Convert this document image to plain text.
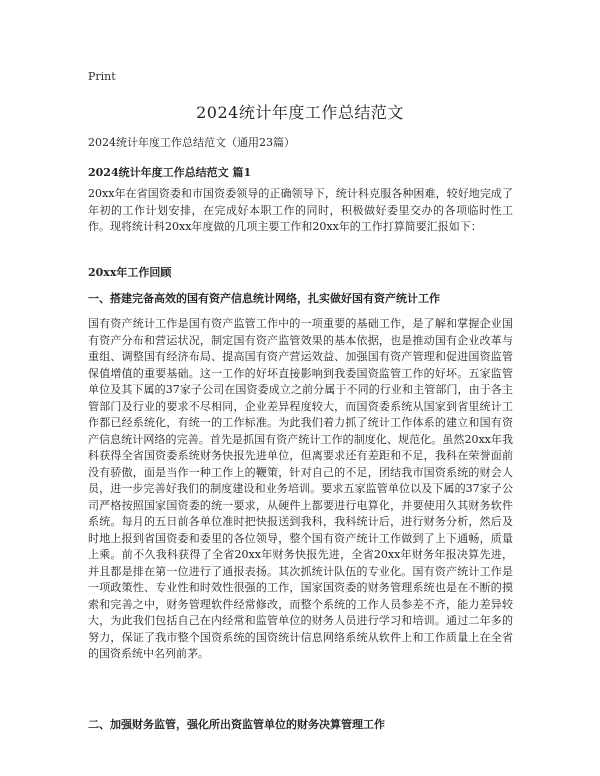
Print
2024统计年度工作总结范文
2024统计年度工作总结范文（通用23篇）
2024统计年度工作总结范文 篇1

20xx年在省国资委和市国资委领导的正确领导下，统计科克服各种困难，较好地完成了年初的工作计划安排，在完成好本职工作的同时，积极做好委里交办的各项临时性工作。现将统计科20xx年度做的几项主要工作和20xx年的工作打算简要汇报如下：

20xx年工作回顾
一、搭建完备高效的国有资产信息统计网络，扎实做好国有资产统计工作

国有资产统计工作是国有资产监管工作中的一项重要的基础工作，是了解和掌握企业国有资产分布和营运状况，制定国有资产监管效果的基本依据，也是推动国有企业改革与重组、调整国有经济布局、提高国有资产营运效益、加强国有资产管理和促进国资监管保值增值的重要基础。这一工作的好坏直接影响到我委国资监管工作的好坏。五家监管单位及其下属的37家子公司在国资委成立之前分属于不同的行业和主管部门，由于各主管部门及行业的要求不尽相同，企业差异程度较大，而国资委系统从国家到省里统计工作都已经系统化，有统一的工作标准。为此我们着力抓了统计工作体系的建立和国有资产信息统计网络的完善。首先是抓国有资产统计工作的制度化、规范化。虽然20xx年我科获得全省国资委系统财务快报先进单位，但离要求还有差距和不足，我科在荣誉面前没有骄傲，面是当作一种工作上的鞭策，针对自己的不足，团结我市国资系统的财会人员，进一步完善好我们的制度建设和业务培训。要求五家监管单位以及下属的37家子公司严格按照国家国资委的统一要求，从硬件上都要进行电算化，并要使用久其财务软件系统。每月的五日前各单位准时把快报送到我科，我科统计后，进行财务分析，然后及时地上报到省国资委和委里的各位领导，整个国有资产统计工作做到了上下通畅，质量上乘。前不久我科获得了全省20xx年财务快报先进，全省20xx年财务年报决算先进，并且都是排在第一位进行了通报表扬。其次抓统计队伍的专业化。国有资产统计工作是一项政策性、专业性和时效性很强的工作，国家国资委的财务管理系统也是在不断的摸索和完善之中，财务管理软件经常修改，而整个系统的工作人员参差不齐，能力差异较大，为此我们包括自己在内经常和监管单位的财务人员进行学习和培训。通过二年多的努力，保证了我市整个国资系统的国资统计信息网络系统从软件上和工作质量上在全省的国资系统中名列前茅。

二、加强财务监管，强化所出资监管单位的财务决算管理工作
